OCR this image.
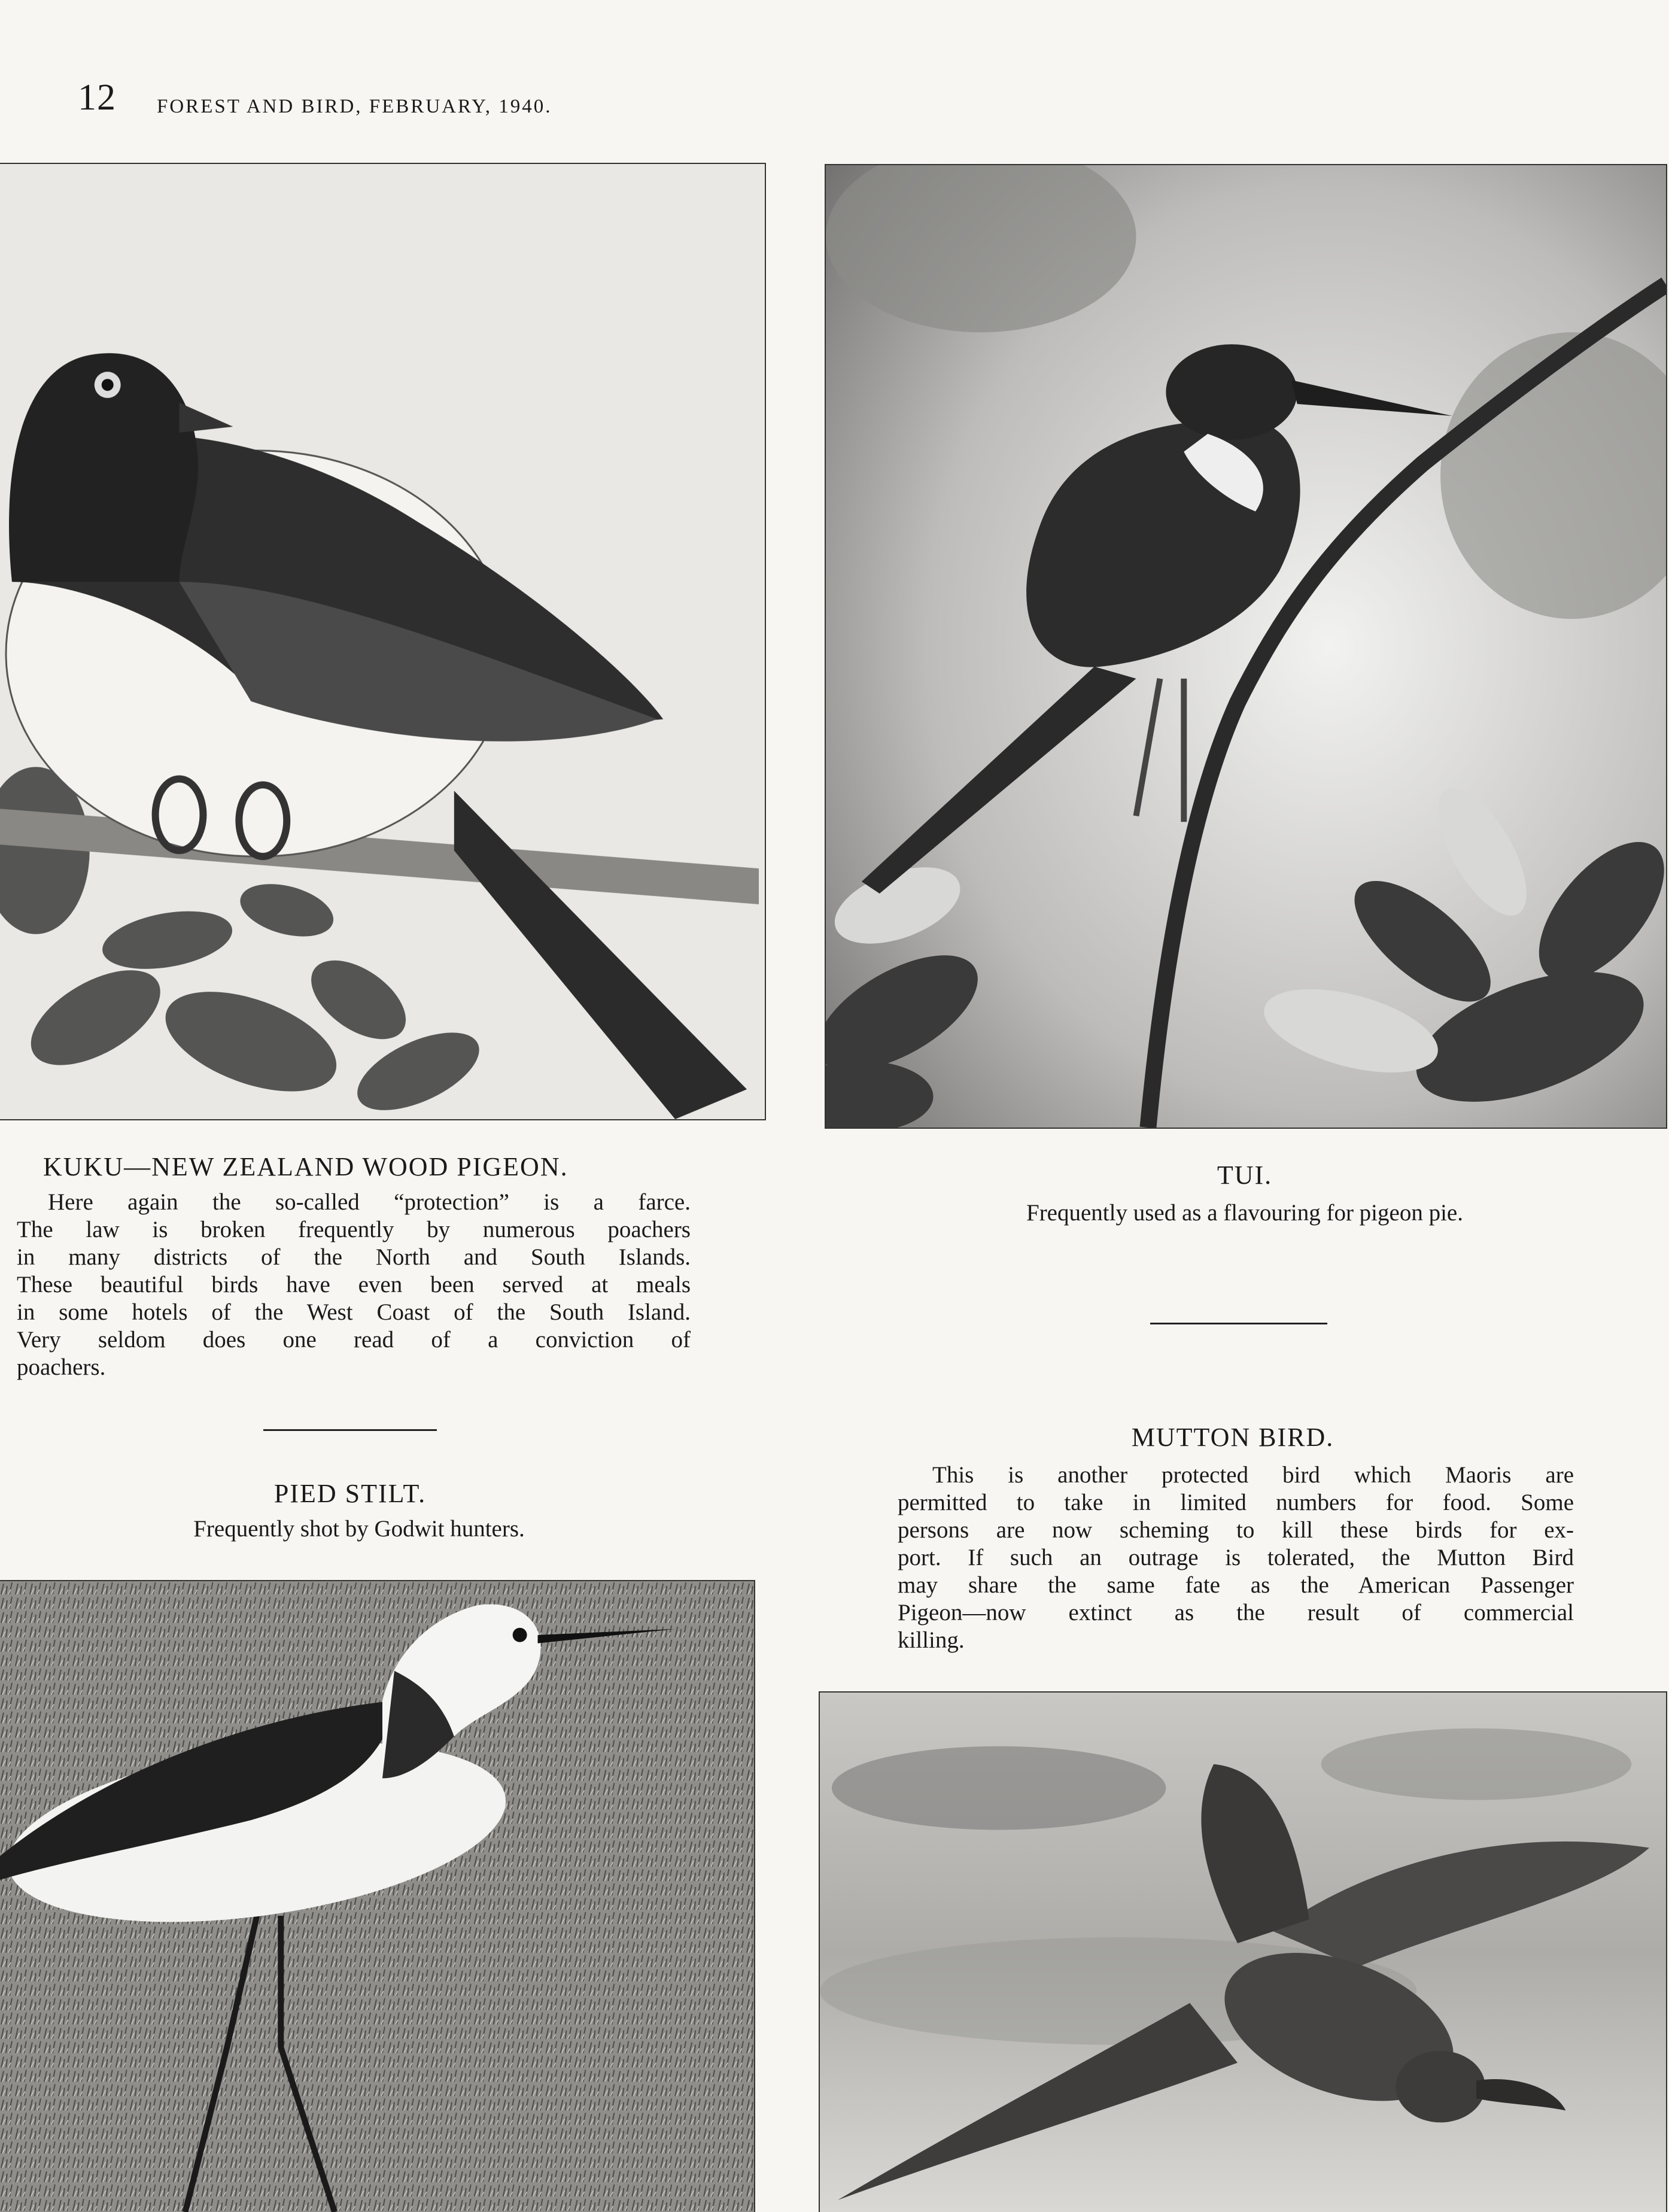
12 FOREST AND BIRD, FEBRUARY, 1940.
KUKU—NEW ZEALAND WOOD PIGEON.
Here again the so-called “protection” is a farce.
The law is broken frequently by numerous poachers
in many districts of the North and South Islands.
These beautiful birds have even been served at meals
in some hotels of the West Coast of the South Island.
Very seldom does one read of a conviction of
poachers.
TUI.
Frequently used as a flavouring for pigeon pie.
PIED STILT.
Frequently shot by Godwit hunters.
MUTTON BIRD.
This is another protected bird which Maoris are
permitted to take in limited numbers for food. Some
persons are now scheming to kill these birds for ex-
port. If such an outrage is tolerated, the Mutton Bird
may share the same fate as the American Passenger
Pigeon—now extinct as the result of commercial
killing.
